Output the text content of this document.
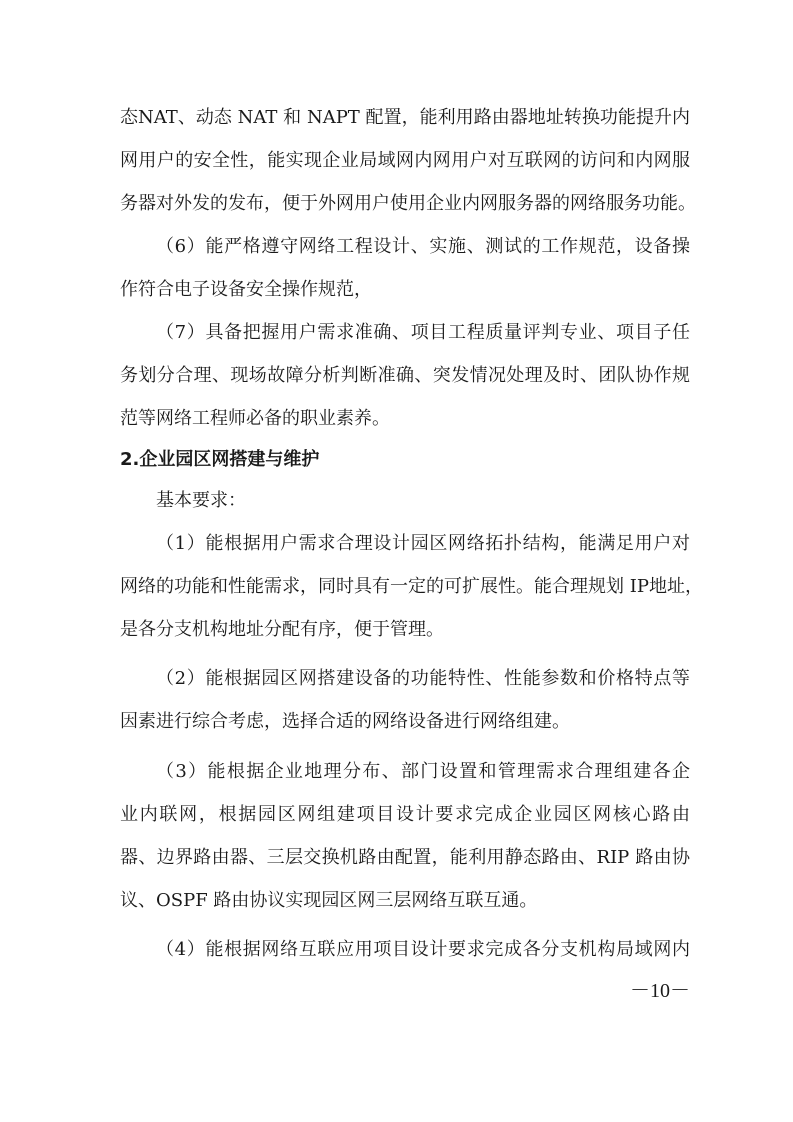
态NAT、动态 NAT 和 NAPT 配置，能利用路由器地址转换功能提升内
网用户的安全性，能实现企业局域网内网用户对互联网的访问和内网服
务器对外发的发布，便于外网用户使用企业内网服务器的网络服务功能。
（6）能严格遵守网络工程设计、实施、测试的工作规范，设备操
作符合电子设备安全操作规范，
（7）具备把握用户需求准确、项目工程质量评判专业、项目子任
务划分合理、现场故障分析判断准确、突发情况处理及时、团队协作规
范等网络工程师必备的职业素养。
2.企业园区网搭建与维护
基本要求：
（1）能根据用户需求合理设计园区网络拓扑结构，能满足用户对
网络的功能和性能需求，同时具有一定的可扩展性。能合理规划 IP地址，
是各分支机构地址分配有序，便于管理。
（2）能根据园区网搭建设备的功能特性、性能参数和价格特点等
因素进行综合考虑，选择合适的网络设备进行网络组建。
（3）能根据企业地理分布、部门设置和管理需求合理组建各企
业内联网，根据园区网组建项目设计要求完成企业园区网核心路由
器、边界路由器、三层交换机路由配置，能利用静态路由、RIP 路由协
议、OSPF 路由协议实现园区网三层网络互联互通。
（4）能根据网络互联应用项目设计要求完成各分支机构局域网内
－10－
